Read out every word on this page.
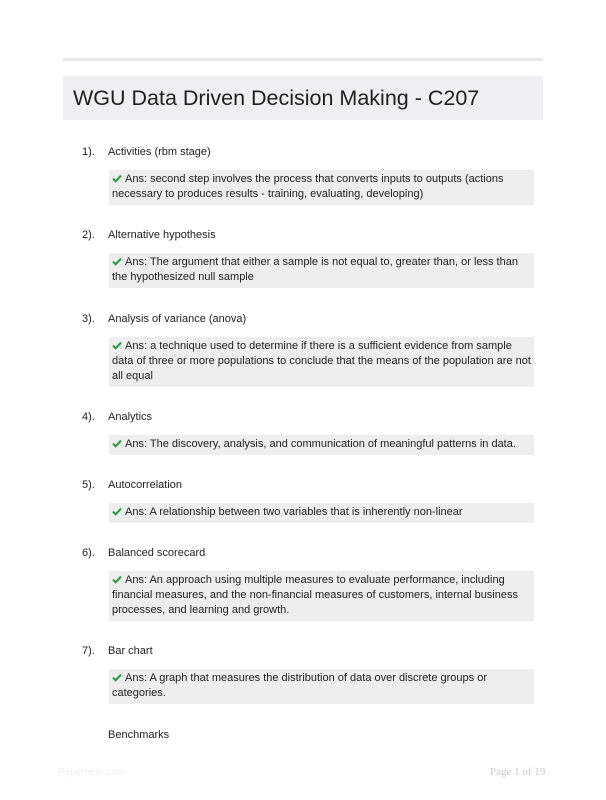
WGU Data Driven Decision Making - C207
1). Activities (rbm stage)
Ans: second step involves the process that converts inputs to outputs (actions necessary to produces results - training, evaluating, developing)
2). Alternative hypothesis
Ans: The argument that either a sample is not equal to, greater than, or less than the hypothesized null sample
3). Analysis of variance (anova)
Ans: a technique used to determine if there is a sufficient evidence from sample data of three or more populations to conclude that the means of the population are not all equal
4). Analytics
Ans: The discovery, analysis, and communication of meaningful patterns in data.
5). Autocorrelation
Ans: A relationship between two variables that is inherently non-linear
6). Balanced scorecard
Ans: An approach using multiple measures to evaluate performance, including financial measures, and the non-financial measures of customers, internal business processes, and learning and growth.
7). Bar chart
Ans: A graph that measures the distribution of data over discrete groups or categories.
Benchmarks
Paperhelp.com	Page 1 of 19
